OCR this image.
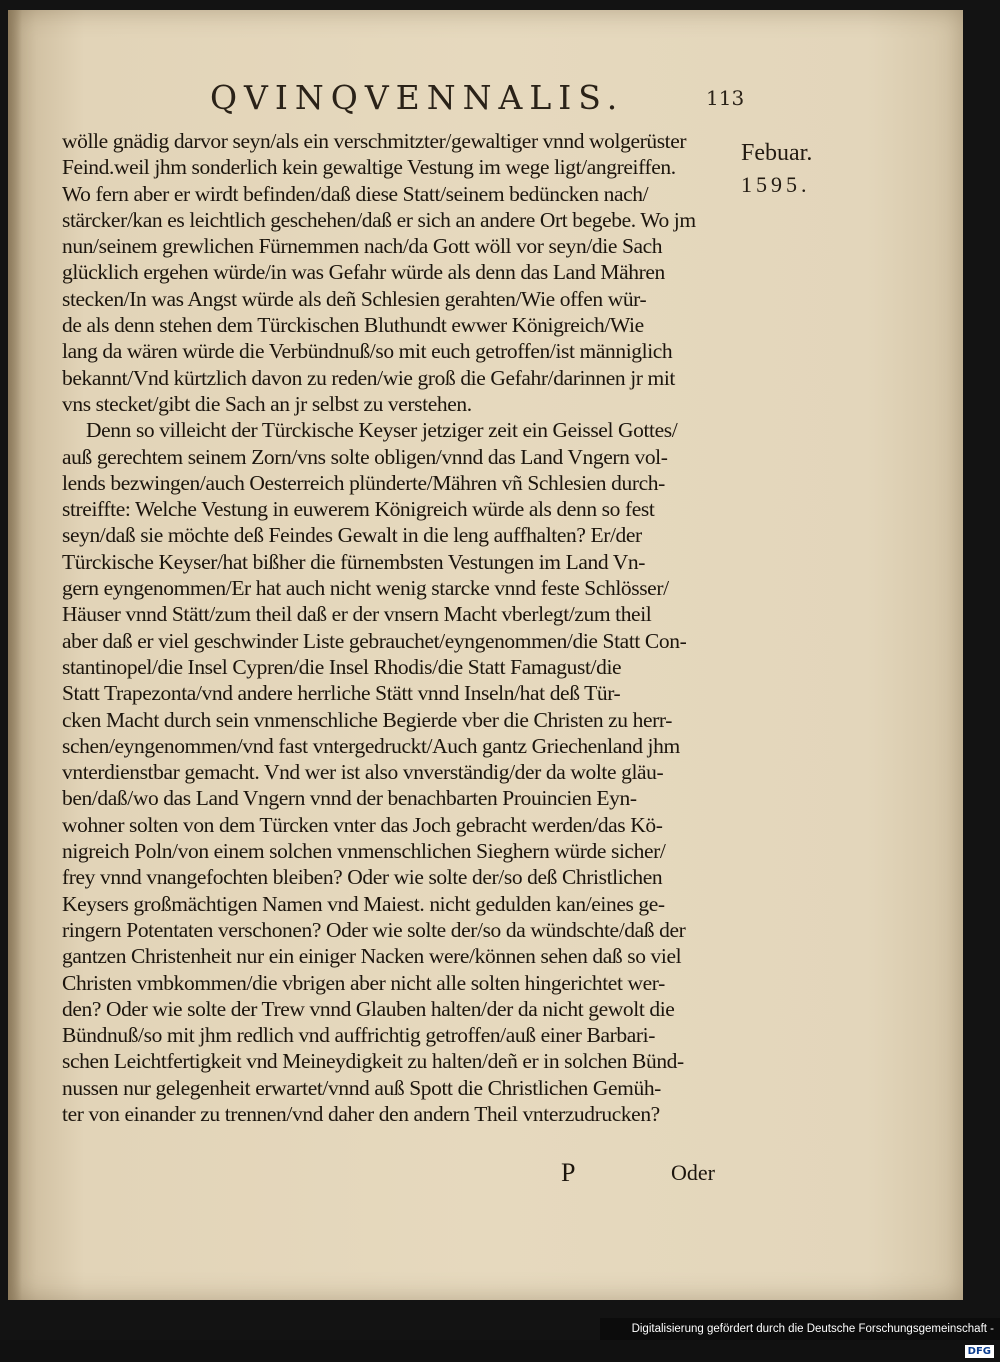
QVINQVENNALIS.	113
Febuar.
1595.
wölle gnädig darvor seyn/als ein verschmitzter/gewaltiger vnnd wolgerüster
Feind.weil jhm sonderlich kein gewaltige Vestung im wege ligt/angreiffen.
Wo fern aber er wirdt befinden/daß diese Statt/seinem bedüncken nach/
stärcker/kan es leichtlich geschehen/daß er sich an andere Ort begebe. Wo jm
nun/seinem grewlichen Fürnemmen nach/da Gott wöll vor seyn/die Sach
glücklich ergehen würde/in was Gefahr würde als denn das Land Mähren
stecken/In was Angst würde als deñ Schlesien gerahten/Wie offen wür-
de als denn stehen dem Türckischen Bluthundt ewwer Königreich/Wie
lang da wären würde die Verbündnuß/so mit euch getroffen/ist männiglich
bekannt/Vnd kürtzlich davon zu reden/wie groß die Gefahr/darinnen jr mit
vns stecket/gibt die Sach an jr selbst zu verstehen.
Denn so villeicht der Türckische Keyser jetziger zeit ein Geissel Gottes/
auß gerechtem seinem Zorn/vns solte obligen/vnnd das Land Vngern vol-
lends bezwingen/auch Oesterreich plünderte/Mähren vñ Schlesien durch-
streiffte: Welche Vestung in euwerem Königreich würde als denn so fest
seyn/daß sie möchte deß Feindes Gewalt in die leng auffhalten? Er/der
Türckische Keyser/hat bißher die fürnembsten Vestungen im Land Vn-
gern eyngenommen/Er hat auch nicht wenig starcke vnnd feste Schlösser/
Häuser vnnd Stätt/zum theil daß er der vnsern Macht vberlegt/zum theil
aber daß er viel geschwinder Liste gebrauchet/eyngenommen/die Statt Con-
stantinopel/die Insel Cypren/die Insel Rhodis/die Statt Famagust/die
Statt Trapezonta/vnd andere herrliche Stätt vnnd Inseln/hat deß Tür-
cken Macht durch sein vnmenschliche Begierde vber die Christen zu herr-
schen/eyngenommen/vnd fast vntergedruckt/Auch gantz Griechenland jhm
vnterdienstbar gemacht. Vnd wer ist also vnverständig/der da wolte gläu-
ben/daß/wo das Land Vngern vnnd der benachbarten Prouincien Eyn-
wohner solten von dem Türcken vnter das Joch gebracht werden/das Kö-
nigreich Poln/von einem solchen vnmenschlichen Sieghern würde sicher/
frey vnnd vnangefochten bleiben? Oder wie solte der/so deß Christlichen
Keysers großmächtigen Namen vnd Maiest. nicht gedulden kan/eines ge-
ringern Potentaten verschonen? Oder wie solte der/so da wündschte/daß der
gantzen Christenheit nur ein einiger Nacken were/können sehen daß so viel
Christen vmbkommen/die vbrigen aber nicht alle solten hingerichtet wer-
den? Oder wie solte der Trew vnnd Glauben halten/der da nicht gewolt die
Bündnuß/so mit jhm redlich vnd auffrichtig getroffen/auß einer Barbari-
schen Leichtfertigkeit vnd Meineydigkeit zu halten/deñ er in solchen Bünd-
nussen nur gelegenheit erwartet/vnnd auß Spott die Christlichen Gemüh-
ter von einander zu trennen/vnd daher den andern Theil vnterzudrucken?
P	Oder
Digitalisierung gefördert durch die Deutsche Forschungsgemeinschaft - DFG
